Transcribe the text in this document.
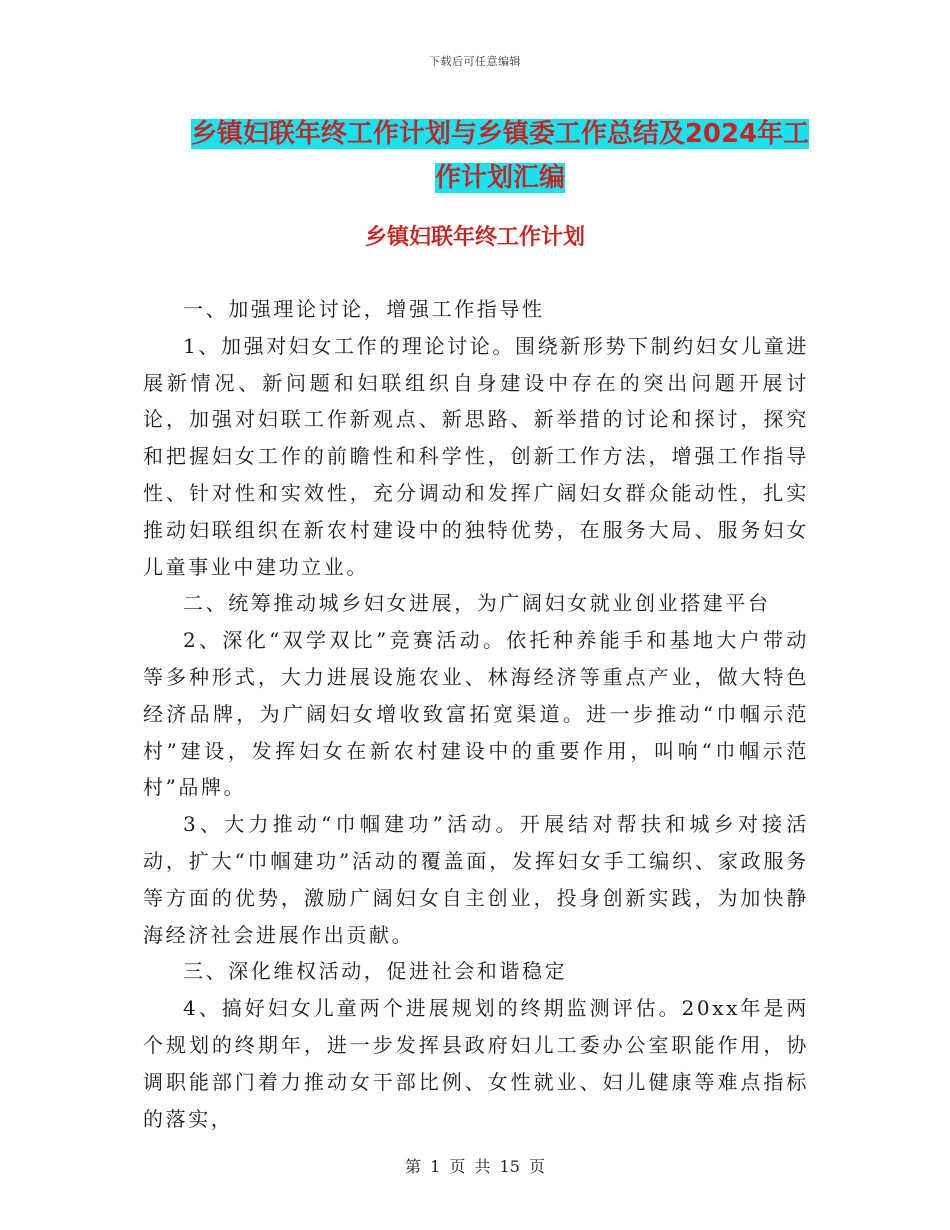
下载后可任意编辑
乡镇妇联年终工作计划与乡镇委工作总结及2024年工
作计划汇编
乡镇妇联年终工作计划

一、加强理论讨论，增强工作指导性

1、加强对妇女工作的理论讨论。围绕新形势下制约妇女儿童进展新情况、新问题和妇联组织自身建设中存在的突出问题开展讨论，加强对妇联工作新观点、新思路、新举措的讨论和探讨，探究和把握妇女工作的前瞻性和科学性，创新工作方法，增强工作指导性、针对性和实效性，充分调动和发挥广阔妇女群众能动性，扎实推动妇联组织在新农村建设中的独特优势，在服务大局、服务妇女儿童事业中建功立业。

二、统筹推动城乡妇女进展，为广阔妇女就业创业搭建平台

2、深化“双学双比”竞赛活动。依托种养能手和基地大户带动等多种形式，大力进展设施农业、林海经济等重点产业，做大特色经济品牌，为广阔妇女增收致富拓宽渠道。进一步推动“巾帼示范村”建设，发挥妇女在新农村建设中的重要作用，叫响“巾帼示范村”品牌。

3、大力推动“巾帼建功”活动。开展结对帮扶和城乡对接活动，扩大“巾帼建功”活动的覆盖面，发挥妇女手工编织、家政服务等方面的优势，激励广阔妇女自主创业，投身创新实践，为加快静海经济社会进展作出贡献。

三、深化维权活动，促进社会和谐稳定

4、搞好妇女儿童两个进展规划的终期监测评估。20xx年是两个规划的终期年，进一步发挥县政府妇儿工委办公室职能作用，协调职能部门着力推动女干部比例、女性就业、妇儿健康等难点指标的落实，

第 1 页 共 15 页
